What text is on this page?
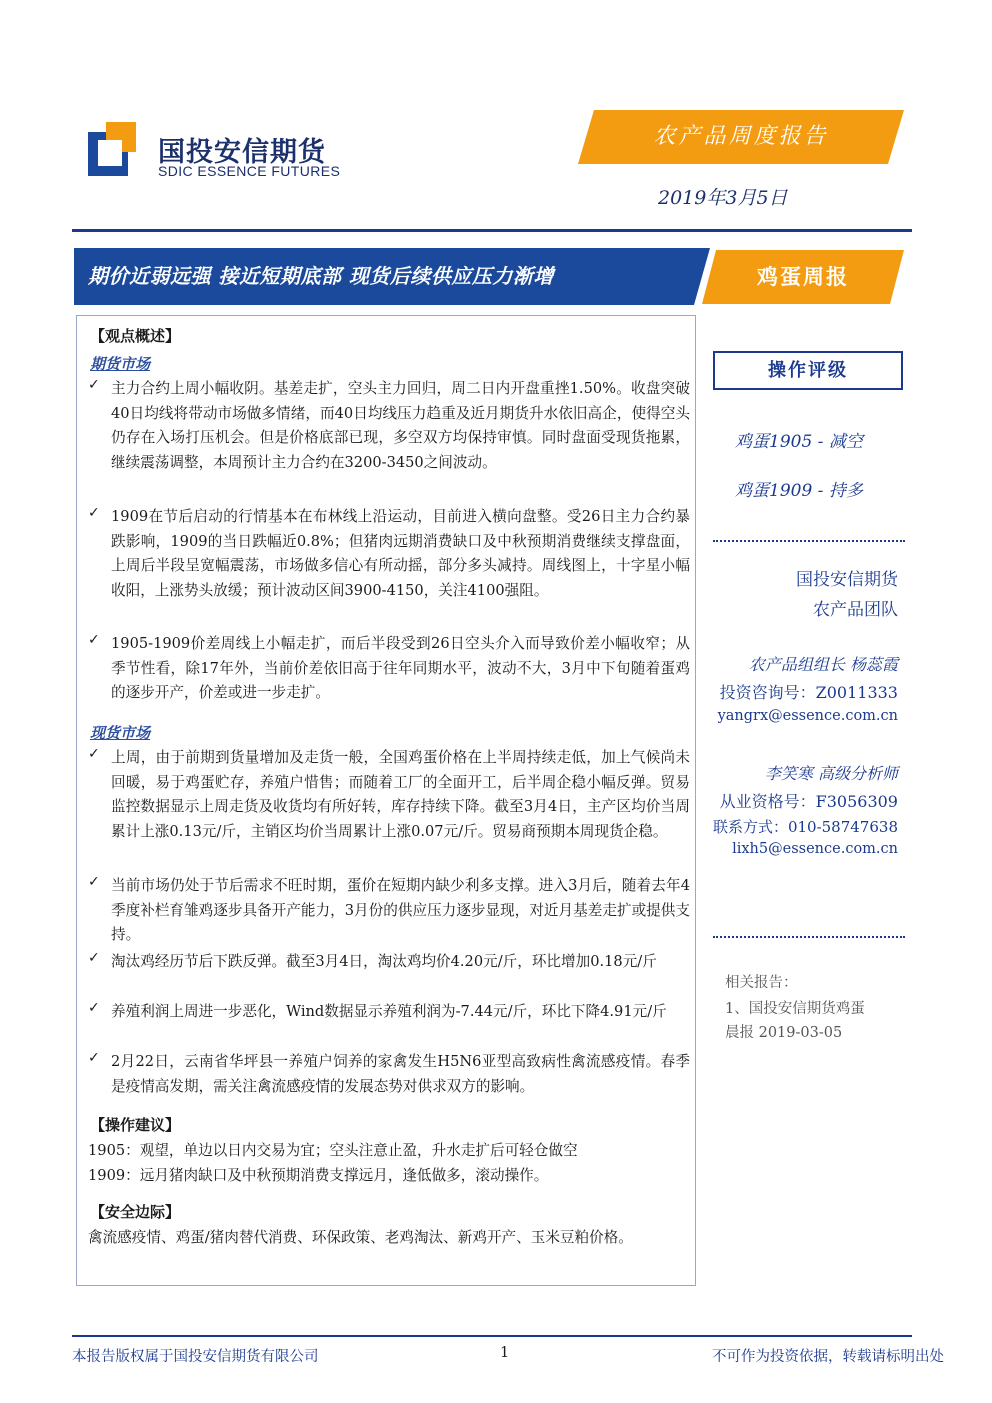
国投安信期货
SDIC ESSENCE FUTURES
农产品周度报告
2019年3月5日
期价近弱远强 接近短期底部 现货后续供应压力渐增	鸡蛋周报
【观点概述】
期货市场
✓ 主力合约上周小幅收阴。基差走扩，空头主力回归，周二日内开盘重挫1.50%。收盘突破40日均线将带动市场做多情绪，而40日均线压力趋重及近月期货升水依旧高企，使得空头仍存在入场打压机会。但是价格底部已现，多空双方均保持审慎。同时盘面受现货拖累，继续震荡调整，本周预计主力合约在3200-3450之间波动。
✓ 1909在节后启动的行情基本在布林线上沿运动，目前进入横向盘整。受26日主力合约暴跌影响，1909的当日跌幅近0.8%；但猪肉远期消费缺口及中秋预期消费继续支撑盘面，上周后半段呈宽幅震荡，市场做多信心有所动摇，部分多头减持。周线图上，十字星小幅收阳，上涨势头放缓；预计波动区间3900-4150，关注4100强阻。
✓ 1905-1909价差周线上小幅走扩，而后半段受到26日空头介入而导致价差小幅收窄；从季节性看，除17年外，当前价差依旧高于往年同期水平，波动不大，3月中下旬随着蛋鸡的逐步开产，价差或进一步走扩。
现货市场
✓ 上周，由于前期到货量增加及走货一般，全国鸡蛋价格在上半周持续走低，加上气候尚未回暖，易于鸡蛋贮存，养殖户惜售；而随着工厂的全面开工，后半周企稳小幅反弹。贸易监控数据显示上周走货及收货均有所好转，库存持续下降。截至3月4日，主产区均价当周累计上涨0.13元/斤，主销区均价当周累计上涨0.07元/斤。贸易商预期本周现货企稳。
✓ 当前市场仍处于节后需求不旺时期，蛋价在短期内缺少利多支撑。进入3月后，随着去年4季度补栏育雏鸡逐步具备开产能力，3月份的供应压力逐步显现，对近月基差走扩或提供支持。
✓ 淘汰鸡经历节后下跌反弹。截至3月4日，淘汰鸡均价4.20元/斤，环比增加0.18元/斤
✓ 养殖利润上周进一步恶化，Wind数据显示养殖利润为-7.44元/斤，环比下降4.91元/斤
✓ 2月22日，云南省华坪县一养殖户饲养的家禽发生H5N6亚型高致病性禽流感疫情。春季是疫情高发期，需关注禽流感疫情的发展态势对供求双方的影响。
【操作建议】
1905：观望，单边以日内交易为宜；空头注意止盈，升水走扩后可轻仓做空
1909：远月猪肉缺口及中秋预期消费支撑远月，逢低做多，滚动操作。
【安全边际】
禽流感疫情、鸡蛋/猪肉替代消费、环保政策、老鸡淘汰、新鸡开产、玉米豆粕价格。
操作评级
鸡蛋1905 - 减空
鸡蛋1909 - 持多
国投安信期货
农产品团队
农产品组组长 杨蕊霞
投资咨询号：Z0011333
yangrx@essence.com.cn
李笑寒 高级分析师
从业资格号：F3056309
联系方式：010-58747638
lixh5@essence.com.cn
相关报告：
1、国投安信期货鸡蛋
晨报 2019-03-05
本报告版权属于国投安信期货有限公司	1	不可作为投资依据，转载请标明出处
